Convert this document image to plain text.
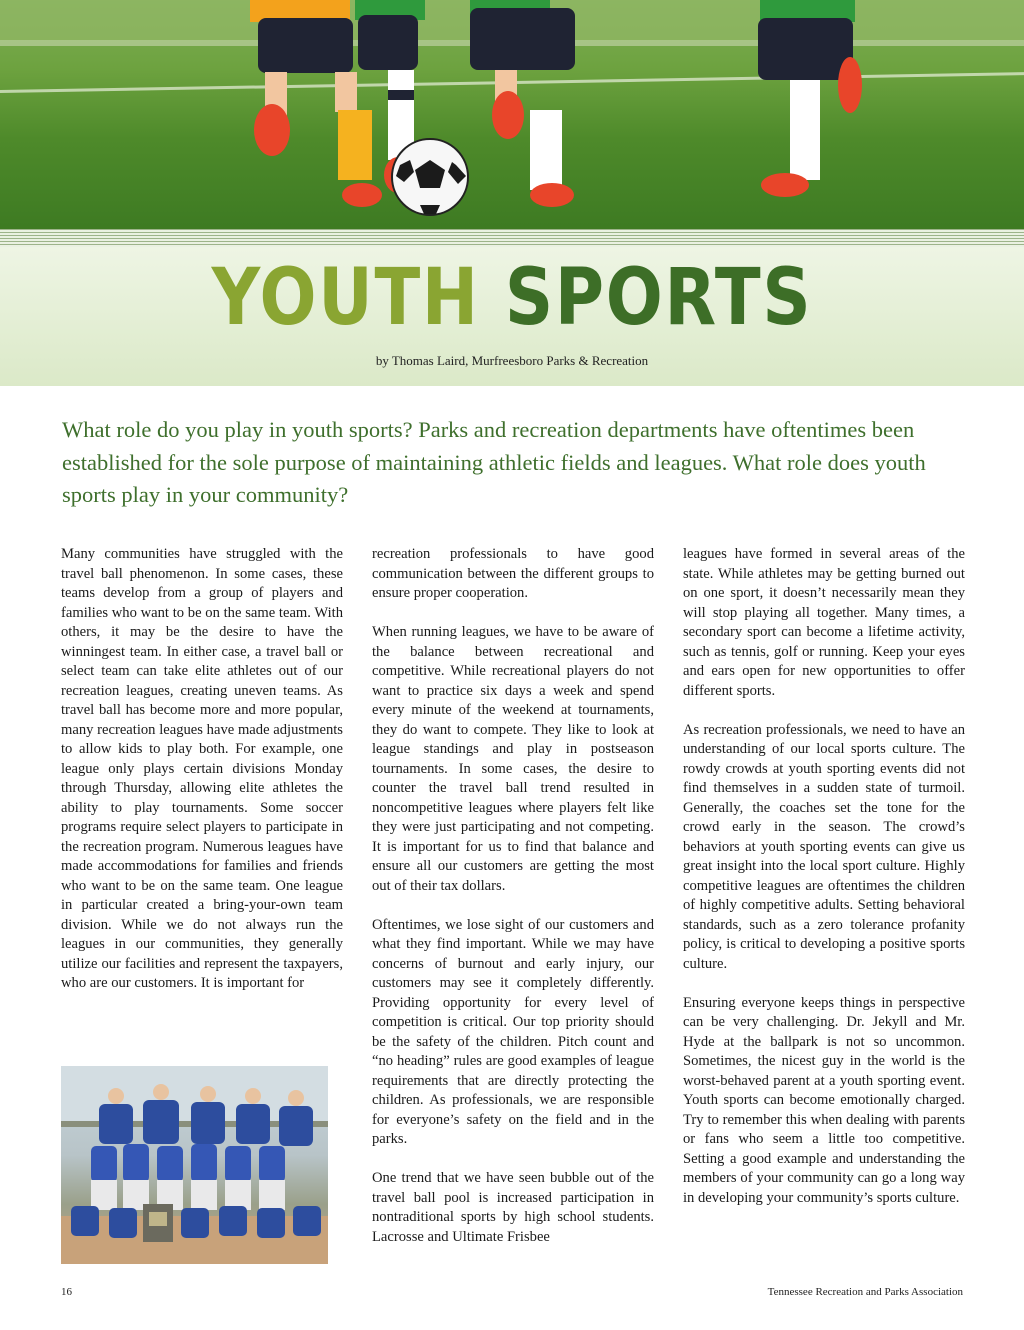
YOUTH SPORTS
by Thomas Laird, Murfreesboro Parks & Recreation
What role do you play in youth sports? Parks and recreation departments have oftentimes been established for the sole purpose of maintaining athletic fields and leagues. What role does youth sports play in your community?

Many communities have struggled with the travel ball phenomenon. In some cases, these teams develop from a group of players and families who want to be on the same team. With others, it may be the desire to have the winningest team. In either case, a travel ball or select team can take elite athletes out of our recreation leagues, creating uneven teams. As travel ball has become more and more popular, many recreation leagues have made adjustments to allow kids to play both. For example, one league only plays certain divisions Monday through Thursday, allowing elite athletes the ability to play tournaments. Some soccer programs require select players to participate in the recreation program. Numerous leagues have made accommodations for families and friends who want to be on the same team. One league in particular created a bring-your-own team division. While we do not always run the leagues in our communities, they generally utilize our facilities and represent the taxpayers, who are our customers. It is important for

recreation professionals to have good communication between the different groups to ensure proper cooperation.

When running leagues, we have to be aware of the balance between recreational and competitive. While recreational players do not want to practice six days a week and spend every minute of the weekend at tournaments, they do want to compete. They like to look at league standings and play in postseason tournaments. In some cases, the desire to counter the travel ball trend resulted in noncompetitive leagues where players felt like they were just participating and not competing. It is important for us to find that balance and ensure all our customers are getting the most out of their tax dollars.

Oftentimes, we lose sight of our customers and what they find important. While we may have concerns of burnout and early injury, our customers may see it completely differently. Providing opportunity for every level of competition is critical. Our top priority should be the safety of the children. Pitch count and “no heading” rules are good examples of league requirements that are directly protecting the children. As professionals, we are responsible for everyone’s safety on the field and in the parks.

One trend that we have seen bubble out of the travel ball pool is increased participation in nontraditional sports by high school students. Lacrosse and Ultimate Frisbee

leagues have formed in several areas of the state. While athletes may be getting burned out on one sport, it doesn’t necessarily mean they will stop playing all together. Many times, a secondary sport can become a lifetime activity, such as tennis, golf or running. Keep your eyes and ears open for new opportunities to offer different sports.

As recreation professionals, we need to have an understanding of our local sports culture. The rowdy crowds at youth sporting events did not find themselves in a sudden state of turmoil. Generally, the coaches set the tone for the crowd early in the season. The crowd’s behaviors at youth sporting events can give us great insight into the local sport culture. Highly competitive leagues are oftentimes the children of highly competitive adults. Setting behavioral standards, such as a zero tolerance profanity policy, is critical to developing a positive sports culture.

Ensuring everyone keeps things in perspective can be very challenging. Dr. Jekyll and Mr. Hyde at the ballpark is not so uncommon. Sometimes, the nicest guy in the world is the worst-behaved parent at a youth sporting event. Youth sports can become emotionally charged. Try to remember this when dealing with parents or fans who seem a little too competitive. Setting a good example and understanding the members of your community can go a long way in developing your community’s sports culture.

16	Tennessee Recreation and Parks Association
